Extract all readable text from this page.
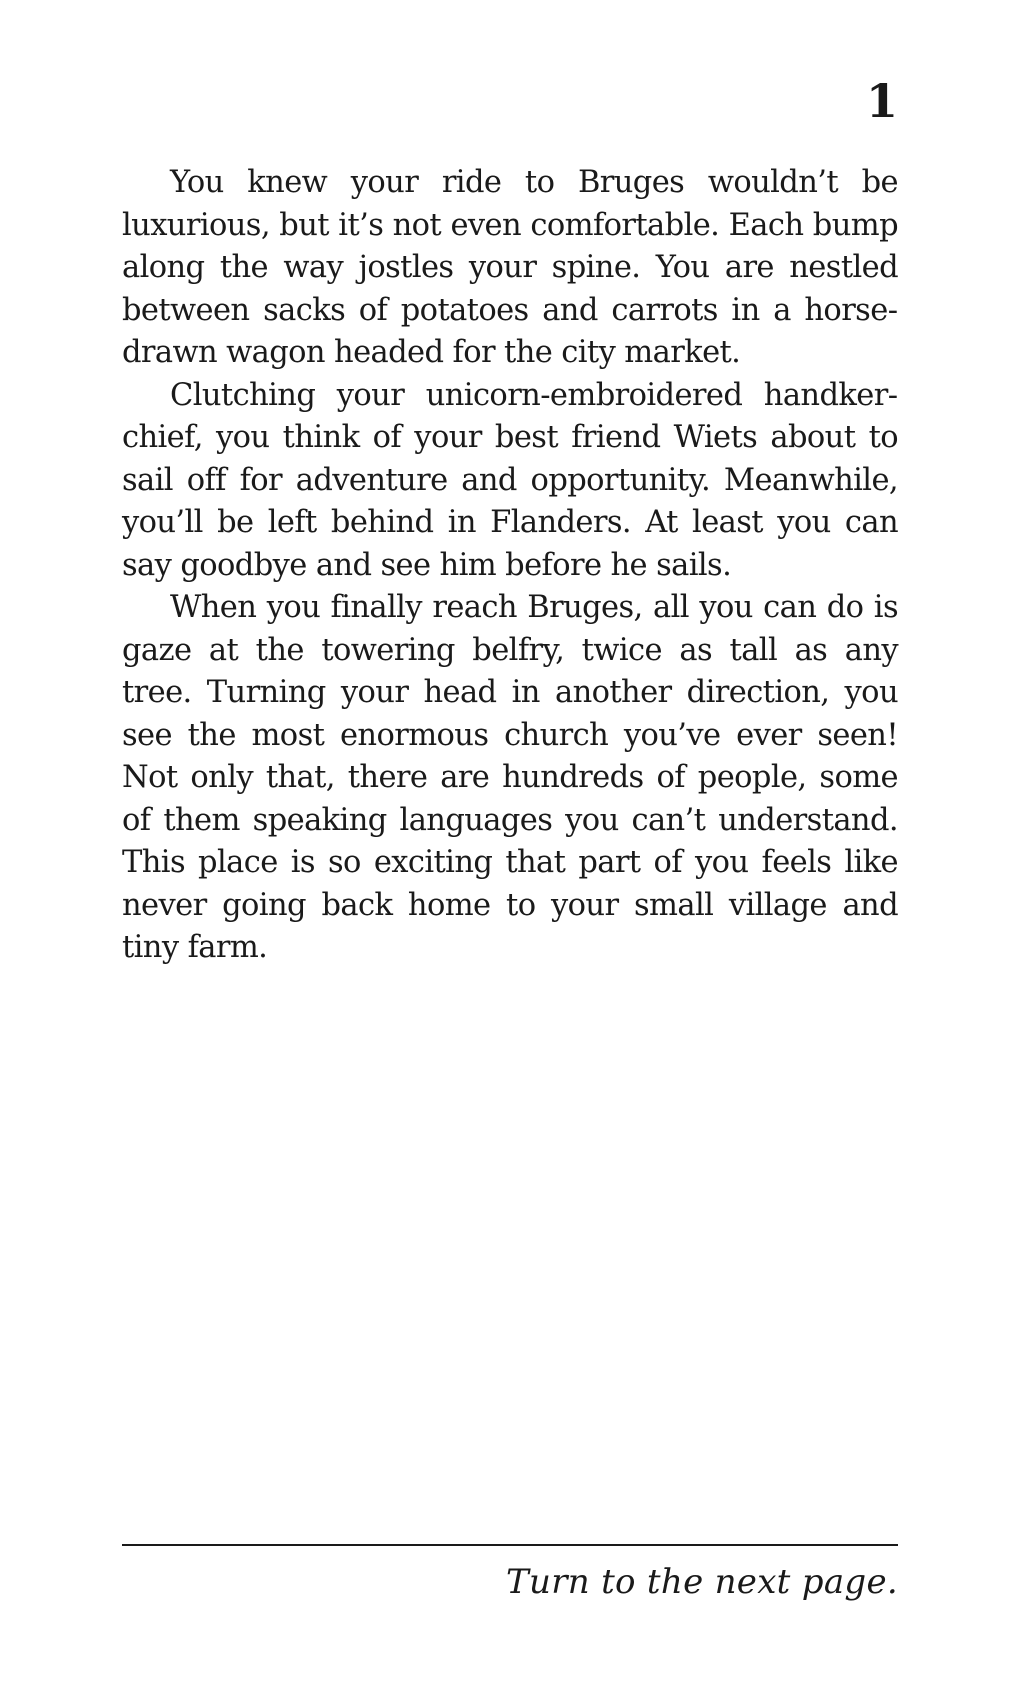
1

You knew your ride to Bruges wouldn’t be luxurious, but it’s not even comfortable. Each bump along the way jostles your spine. You are nestled between sacks of potatoes and carrots in a horsedrawn wagon headed for the city market.

Clutching your unicorn-embroidered handkerchief, you think of your best friend Wiets about to sail off for adventure and opportunity. Meanwhile, you’ll be left behind in Flanders. At least you can say goodbye and see him before he sails.

When you finally reach Bruges, all you can do is gaze at the towering belfry, twice as tall as any tree. Turning your head in another direction, you see the most enormous church you’ve ever seen! Not only that, there are hundreds of people, some of them speaking languages you can’t understand. This place is so exciting that part of you feels like never going back home to your small village and tiny farm.

Turn to the next page.
